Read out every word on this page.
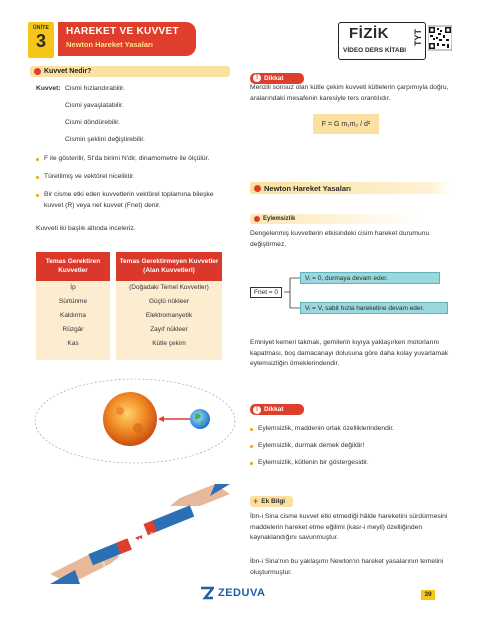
ÜNİTE
3	HAREKET VE KUVVET
Newton Hareket Yasaları
FİZİK
VİDEO DERS KİTABI
TYT
Kuvvet Nedir?
Kuvvet: Cismi hızlandırabilir.
Cismi yavaşlatabilir.
Cismi döndürebilir.
Cismin şeklini değiştirebilir.
F ile gösterilir, SI'da birimi N'dir, dinamometre ile ölçülür.
Türetilmiş ve vektörel niceliktir.
Bir cisme etki eden kuvvetlerin vektörel toplamına bileşke kuvvet (R) veya net kuvvet (Fnet) denir.
Kuvveti iki başlık altında inceleriz.
Temas Gerektiren Kuvvetler
İp
Sürtünme
Kaldırma
Rüzgâr
Kas
Temas Gerektirmeyen Kuvvetler (Alan Kuvvetleri)
(Doğadaki Temel Kuvvetler)
Güçlü nükleer
Elektromanyetik
Zayıf nükleer
Kütle çekim
S
N
S
N
! Dikkat
Menzili sonsuz olan kütle çekim kuvveti kütlelerin çarpımıyla doğru, aralarındaki mesafenin karesiyle ters orantılıdır.
F = G m₁m₂ / d²
Newton Hareket Yasaları
Eylemsizlik
Dengelenmiş kuvvetlerin etkisindeki cisim hareket durumunu değiştirmez.
Fnet = 0
Vᵢ = 0, durmaya devam eder.
Vᵢ = V, sabit hızla hareketine devam eder.
Emniyet kemeri takmak, gemilerin kıyıya yaklaşırken motorlarını kapatması, boş damacanayı dolusuna göre daha kolay yuvarlamak eylemsizliğin örneklerindendir.
! Dikkat
Eylemsizlik, maddenin ortak özelliklerindendir.
Eylemsizlik, durmak demek değildir!
Eylemsizlik, kütlenin bir göstergesidir.
+ Ek Bilgi
İbn-i Sina cisme kuvvet etki etmediği hâlde hareketini sürdürmesini maddelerin hareket etme eğilimi (kasr-i meyil) özelliğinden kaynaklandığını savunmuştur.
İbn-i Sina'nın bu yaklaşımı Newton'ın hareket yasalarının temelini oluşturmuştur.
ZEDUVA	39
